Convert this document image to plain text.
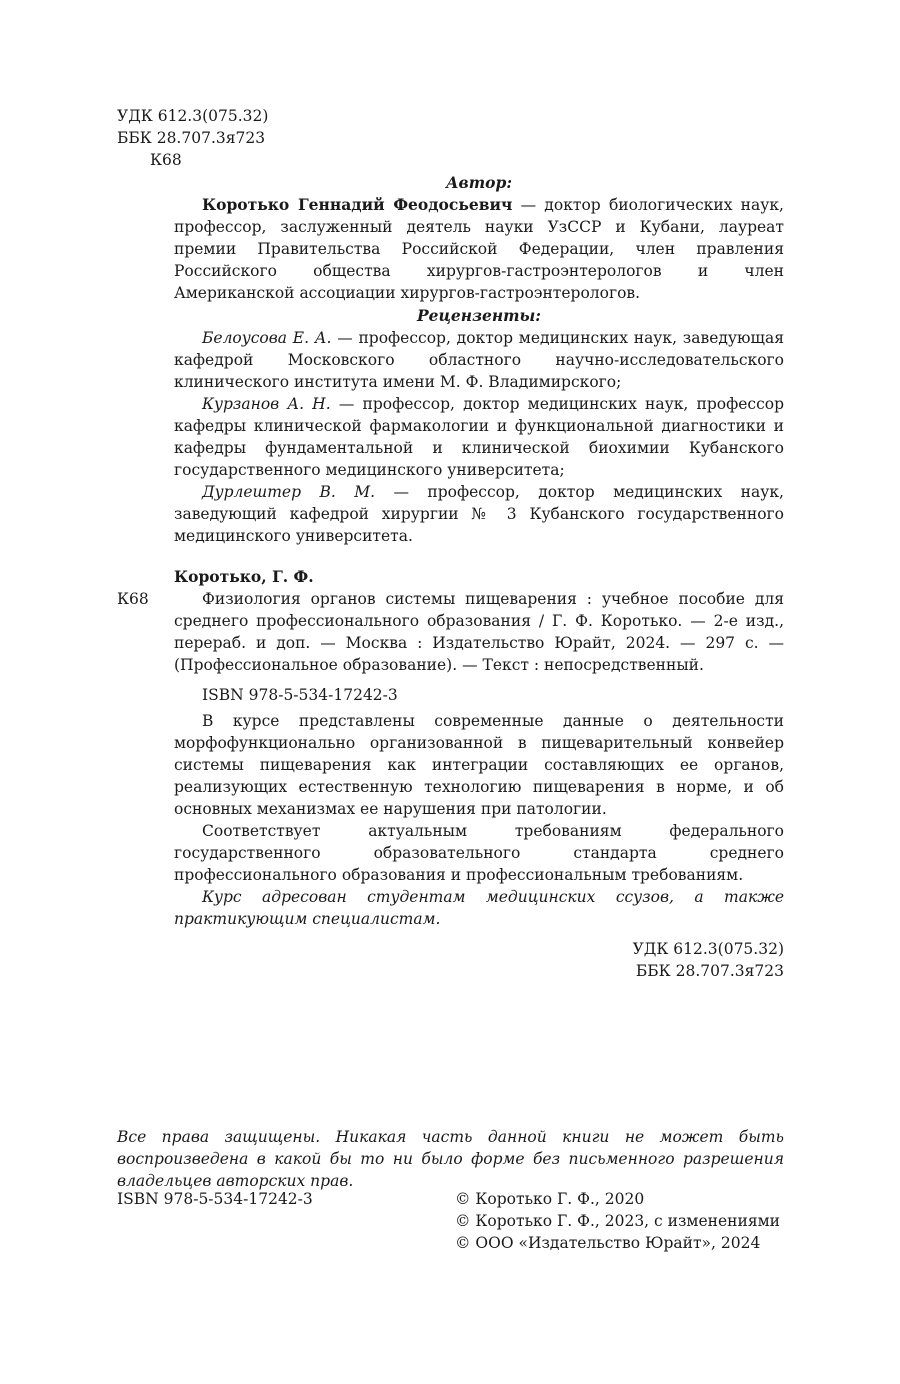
УДК 612.3(075.32)
ББК 28.707.3я723
К68
Автор:

Коротько Геннадий Феодосьевич — доктор биологических наук, профессор, заслуженный деятель науки УзССР и Кубани, лауреат премии Правительства Российской Федерации, член правления Российского общества хирургов-гастроэнтерологов и член Американской ассоциации хирургов-гастроэнтерологов.

Рецензенты:

Белоусова Е. А. — профессор, доктор медицинских наук, заведующая кафедрой Московского областного научно-исследовательского клинического института имени М. Ф. Владимирского;

Курзанов А. Н. — профессор, доктор медицинских наук, профессор кафедры клинической фармакологии и функциональной диагностики и кафедры фундаментальной и клинической биохимии Кубанского государственного медицинского университета;

Дурлештер В. М. — профессор, доктор медицинских наук, заведующий кафедрой хирургии № 3 Кубанского государственного медицинского университета.

Коротько, Г. Ф.
К68	Физиология органов системы пищеварения : учебное пособие для среднего профессионального образования / Г. Ф. Коротько. — 2-е изд., перераб. и доп. — Москва : Издательство Юрайт, 2024. — 297 с. — (Профессиональное образование). — Текст : непосредственный.

ISBN 978-5-534-17242-3

В курсе представлены современные данные о деятельности морфофункционально организованной в пищеварительный конвейер системы пищеварения как интеграции составляющих ее органов, реализующих естественную технологию пищеварения в норме, и об основных механизмах ее нарушения при патологии.

Соответствует актуальным требованиям федерального государственного образовательного стандарта среднего профессионального образования и профессиональным требованиям.

Курс адресован студентам медицинских ссузов, а также практикующим специалистам.

УДК 612.3(075.32)
ББК 28.707.3я723

Все права защищены. Никакая часть данной книги не может быть воспроизведена в какой бы то ни было форме без письменного разрешения владельцев авторских прав.

ISBN 978-5-534-17242-3	© Коротько Г. Ф., 2020
© Коротько Г. Ф., 2023, с изменениями
© ООО «Издательство Юрайт», 2024
